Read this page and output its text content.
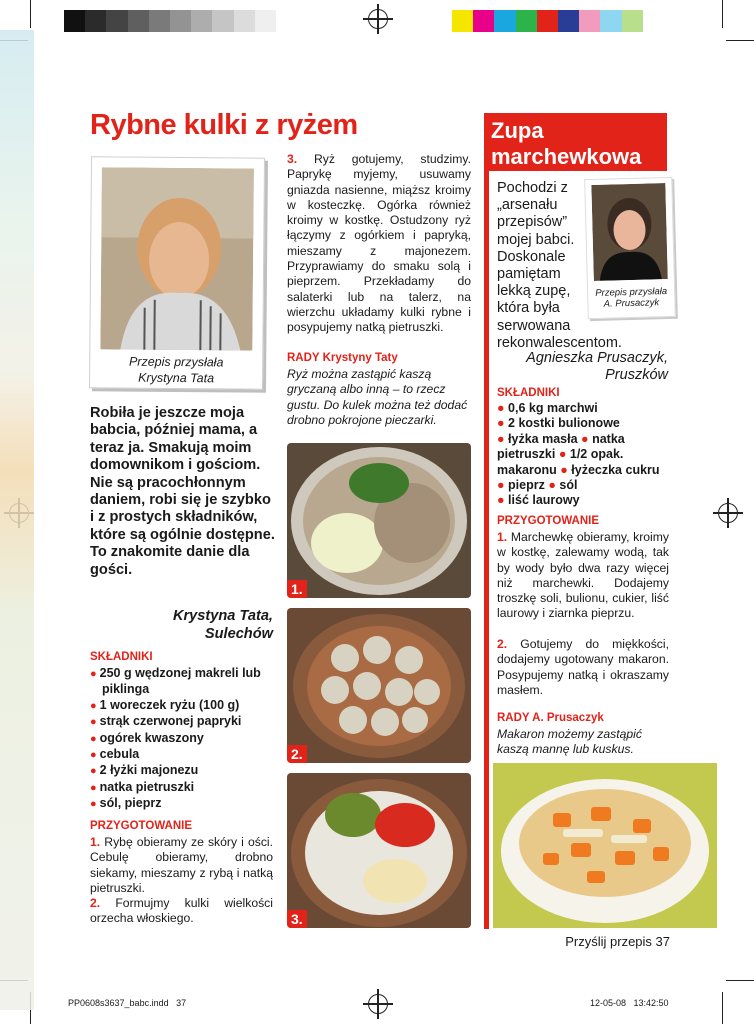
Rybne kulki z ryżem
Przepis przysłała
Krystyna Tata
Robiła je jeszcze moja babcia, później mama, a teraz ja. Smakują moim domownikom i gościom. Nie są pracochłonnym daniem, robi się je szybko i z prostych składników, które są ogólnie dostępne. To znakomite danie dla gości.
Krystyna Tata,
Sulechów
SKŁADNIKI
● 250 g wędzonej makreli lub piklinga
● 1 woreczek ryżu (100 g)
● strąk czerwonej papryki
● ogórek kwaszony
● cebula
● 2 łyżki majonezu
● natka pietruszki
● sól, pieprz
PRZYGOTOWANIE
1. Rybę obieramy ze skóry i ości. Cebulę obieramy, drobno siekamy, mieszamy z rybą i natką pietruszki.
2. Formujmy kulki wielkości orzecha włoskiego.
3. Ryż gotujemy, studzimy. Paprykę myjemy, usuwamy gniazda nasienne, miąższ kroimy w kosteczkę. Ogórka również kroimy w kostkę. Ostudzony ryż łączymy z ogórkiem i papryką, mieszamy z majonezem. Przyprawiamy do smaku solą i pieprzem. Przekładamy do salaterki lub na talerz, na wierzchu układamy kulki rybne i posypujemy natką pietruszki.
RADY Krystyny Taty
Ryż można zastąpić kaszą gryczaną albo inną – to rzecz gustu. Do kulek można też dodać drobno pokrojone pieczarki.
1.
2.
3.
Zupa
marchewkowa
Pochodzi z „arsenału przepisów” mojej babci. Doskonale pamiętam lekką zupę, która była serwowana rekonwalescentom.
Przepis przysłała
A. Prusaczyk
Agnieszka Prusaczyk,
Pruszków
SKŁADNIKI
● 0,6 kg marchwi
● 2 kostki bulionowe
● łyżka masła ● natka
pietruszki ● 1/2 opak. makaronu ● łyżeczka cukru ● pieprz ● sól
● liść laurowy
PRZYGOTOWANIE
1. Marchewkę obieramy, kroimy w kostkę, zalewamy wodą, tak by wody było dwa razy więcej niż marchewki. Dodajemy troszkę soli, bulionu, cukier, liść laurowy i ziarnka pieprzu.
2. Gotujemy do miękkości, dodajemy ugotowany makaron. Posypujemy natką i okraszamy masłem.
RADY A. Prusaczyk
Makaron możemy zastąpić kaszą mannę lub kuskus.
Przyślij przepis 37
PP0608s3637_babc.indd   37	12-05-08   13:42:50
